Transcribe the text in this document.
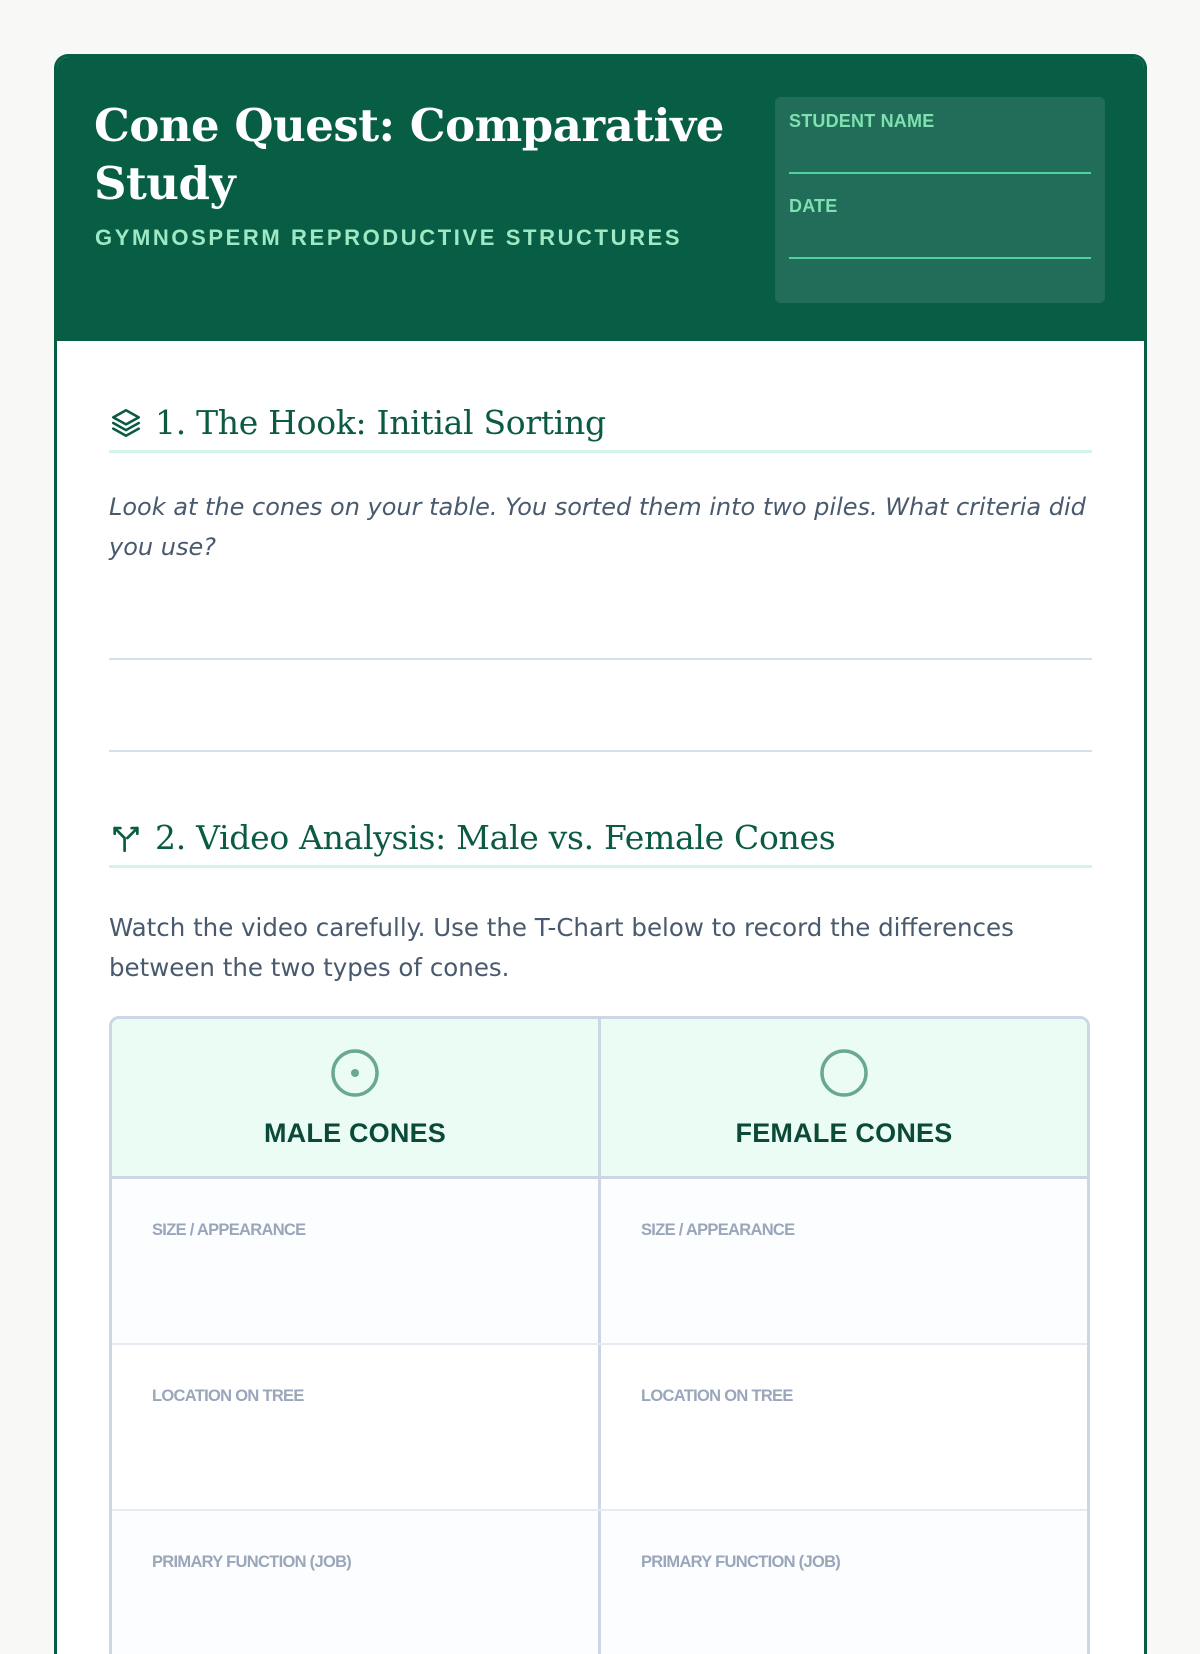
Cone Quest: Comparative Study

GYMNOSPERM REPRODUCTIVE STRUCTURES

STUDENT NAME
DATE
1. The Hook: Initial Sorting

Look at the cones on your table. You sorted them into two piles. What criteria did you use?

2. Video Analysis: Male vs. Female Cones

Watch the video carefully. Use the T-Chart below to record the differences between the two types of cones.

MALE CONES	FEMALE CONES
SIZE / APPEARANCE	SIZE / APPEARANCE
LOCATION ON TREE	LOCATION ON TREE
PRIMARY FUNCTION (JOB)	PRIMARY FUNCTION (JOB)
